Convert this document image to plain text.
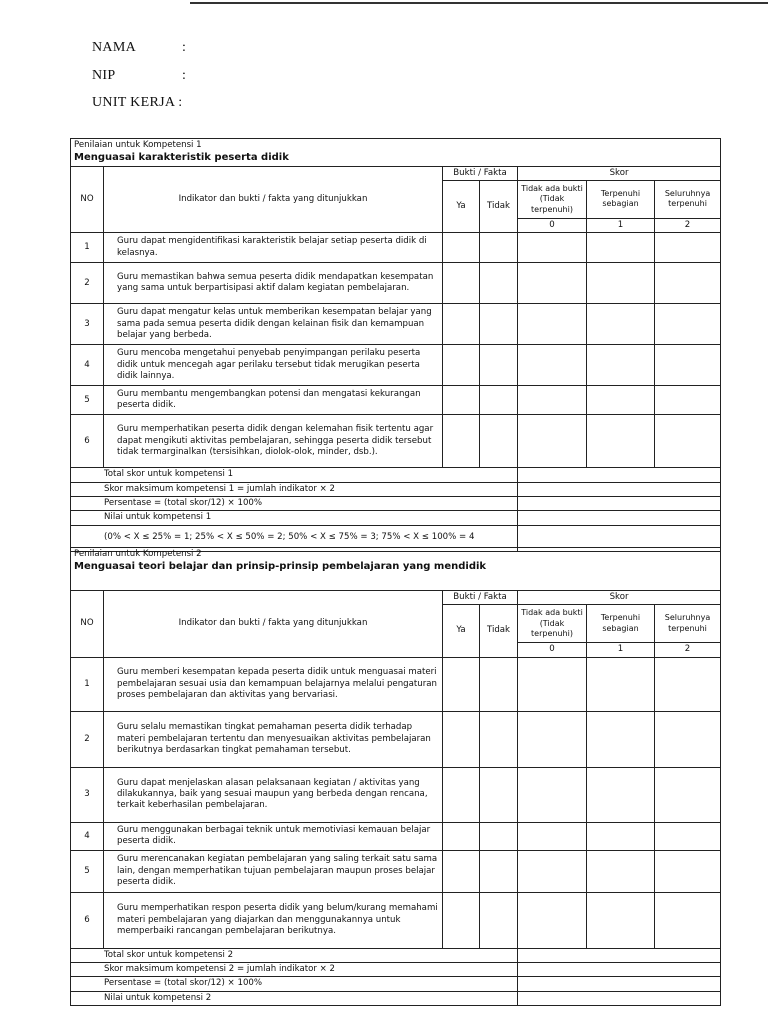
NAMA	:
NIP	:
UNIT KERJA :
Penilaian untuk Kompetensi 1
Menguasai karakteristik peserta didik						

NO	Indikator dan bukti / fakta yang ditunjukkan	Bukti / Fakta		Skor		
		Ya	Tidak	Tidak ada bukti (Tidak terpenuhi)	Terpenuhi sebagian	Seluruhnya terpenuhi
				0	1	2
1	Guru dapat mengidentifikasi karakteristik belajar setiap peserta didik di kelasnya.					
2	Guru memastikan bahwa semua peserta didik mendapatkan kesempatan yang sama untuk berpartisipasi aktif dalam kegiatan pembelajaran.					
3	Guru dapat mengatur kelas untuk memberikan kesempatan belajar yang sama pada semua peserta didik dengan kelainan fisik dan kemampuan belajar yang berbeda.					
4	Guru mencoba mengetahui penyebab penyimpangan perilaku peserta didik untuk mencegah agar perilaku tersebut tidak merugikan peserta didik lainnya.					
5	Guru membantu mengembangkan potensi dan mengatasi kekurangan peserta didik.					
6	Guru memperhatikan peserta didik dengan kelemahan fisik tertentu agar dapat mengikuti aktivitas pembelajaran, sehingga peserta didik tersebut tidak termarginalkan (tersisihkan, diolok-olok, minder, dsb.).					
Total skor untuk kompetensi 1						
Skor maksimum kompetensi 1 = jumlah indikator × 2						
Persentase = (total skor/12) × 100%						
Nilai untuk kompetensi 1						
(0% < X ≤ 25% = 1; 25% < X ≤ 50% = 2; 50% < X ≤ 75% = 3; 75% < X ≤ 100% = 4						
Penilaian untuk Kompetensi 2
Menguasai teori belajar dan prinsip-prinsip pembelajaran yang mendidik						

NO	Indikator dan bukti / fakta yang ditunjukkan	Bukti / Fakta		Skor		
		Ya	Tidak	Tidak ada bukti (Tidak terpenuhi)	Terpenuhi sebagian	Seluruhnya terpenuhi
				0	1	2
1	Guru memberi kesempatan kepada peserta didik untuk menguasai materi pembelajaran sesuai usia dan kemampuan belajarnya melalui pengaturan proses pembelajaran dan aktivitas yang bervariasi.					
2	Guru selalu memastikan tingkat pemahaman peserta didik terhadap materi pembelajaran tertentu dan menyesuaikan aktivitas pembelajaran berikutnya berdasarkan tingkat pemahaman tersebut.					
3	Guru dapat menjelaskan alasan pelaksanaan kegiatan / aktivitas yang dilakukannya, baik yang sesuai maupun yang berbeda dengan rencana, terkait keberhasilan pembelajaran.					
4	Guru menggunakan berbagai teknik untuk memotiviasi kemauan belajar peserta didik.					
5	Guru merencanakan kegiatan pembelajaran yang saling terkait satu sama lain, dengan memperhatikan tujuan pembelajaran maupun proses belajar peserta didik.					
6	Guru memperhatikan respon peserta didik yang belum/kurang memahami materi pembelajaran yang diajarkan dan menggunakannya untuk memperbaiki rancangan pembelajaran berikutnya.					
Total skor untuk kompetensi 2						
Skor maksimum kompetensi 2 = jumlah indikator × 2						
Persentase = (total skor/12) × 100%						
Nilai untuk kompetensi 2						
